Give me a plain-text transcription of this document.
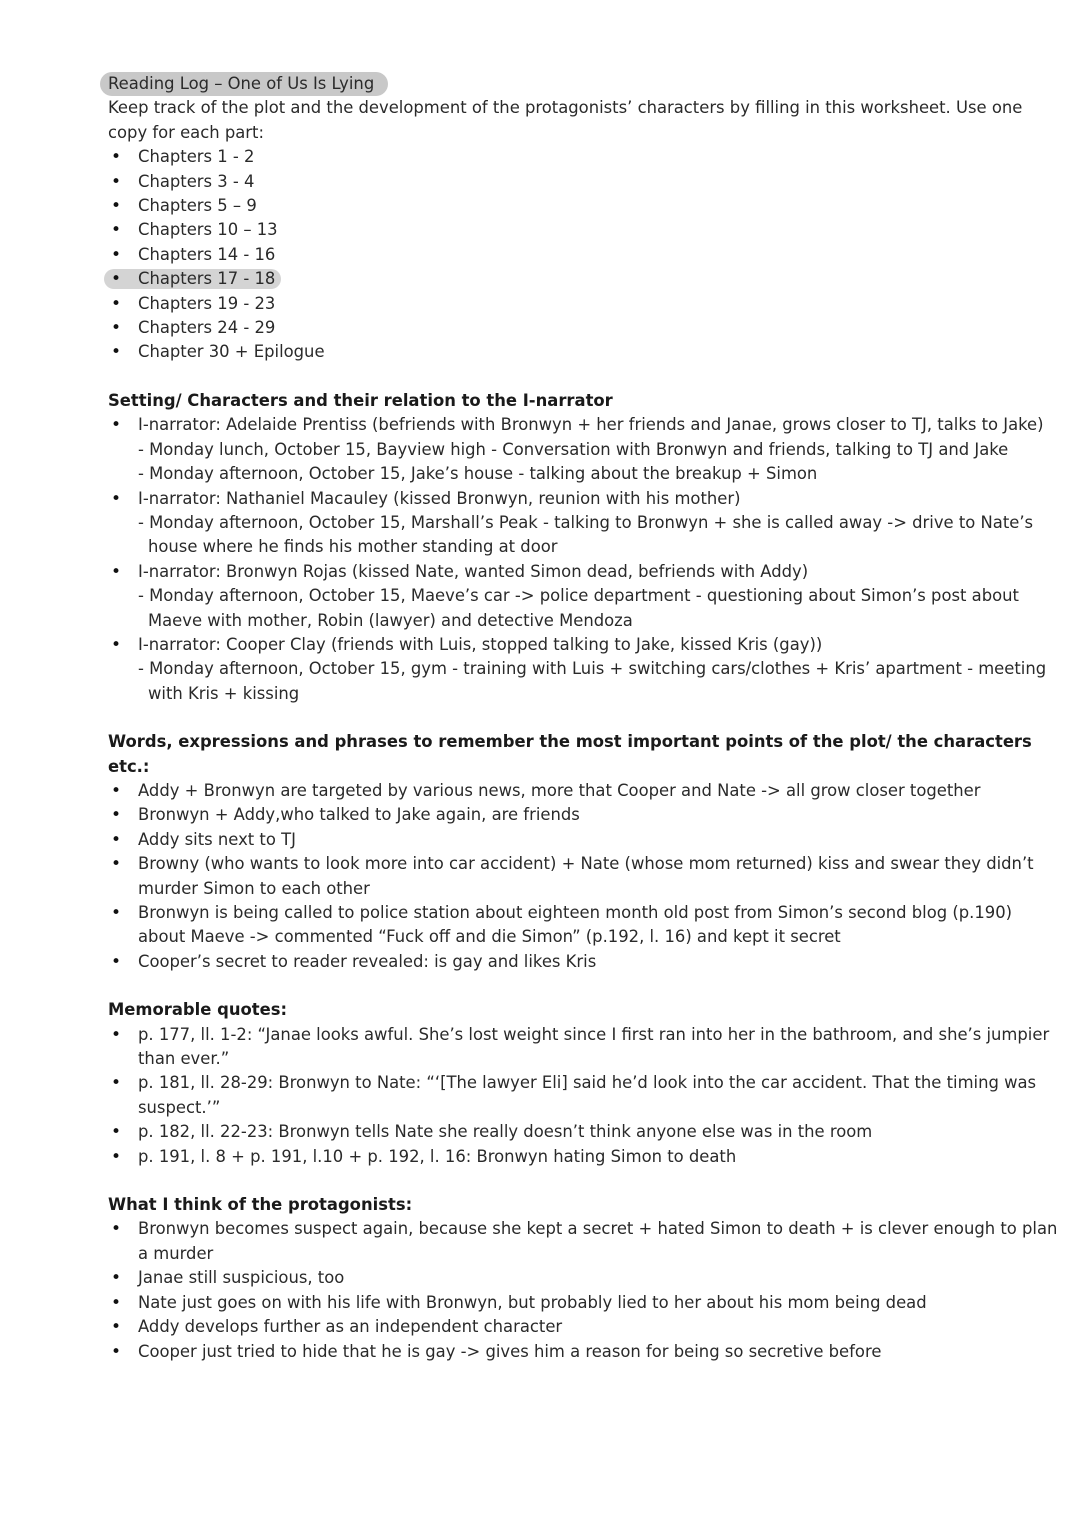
Reading Log – One of Us Is Lying

Keep track of the plot and the development of the protagonists’ characters by filling in this worksheet. Use one copy for each part:

• Chapters 1 - 2
• Chapters 3 - 4
• Chapters 5 – 9
• Chapters 10 – 13
• Chapters 14 - 16
• Chapters 17 - 18
• Chapters 19 - 23
• Chapters 24 - 29
• Chapter 30 + Epilogue
Setting/ Characters and their relation to the I-narrator
• I-narrator: Adelaide Prentiss (befriends with Bronwyn + her friends and Janae, grows closer to TJ, talks to Jake)
- Monday lunch, October 15, Bayview high - Conversation with Bronwyn and friends, talking to TJ and Jake
- Monday afternoon, October 15, Jake’s house - talking about the breakup + Simon
• I-narrator: Nathaniel Macauley (kissed Bronwyn, reunion with his mother)
- Monday afternoon, October 15, Marshall’s Peak - talking to Bronwyn + she is called away -> drive to Nate’s house where he finds his mother standing at door
• I-narrator: Bronwyn Rojas (kissed Nate, wanted Simon dead, befriends with Addy)
- Monday afternoon, October 15, Maeve’s car -> police department - questioning about Simon’s post about Maeve with mother, Robin (lawyer) and detective Mendoza
• I-narrator: Cooper Clay (friends with Luis, stopped talking to Jake, kissed Kris (gay))
- Monday afternoon, October 15, gym - training with Luis + switching cars/clothes + Kris’ apartment - meeting with Kris + kissing
Words, expressions and phrases to remember the most important points of the plot/ the characters etc.:
• Addy + Bronwyn are targeted by various news, more that Cooper and Nate -> all grow closer together
• Bronwyn + Addy,who talked to Jake again, are friends
• Addy sits next to TJ
• Browny (who wants to look more into car accident) + Nate (whose mom returned) kiss and swear they didn’t murder Simon to each other
• Bronwyn is being called to police station about eighteen month old post from Simon’s second blog (p.190) about Maeve -> commented “Fuck off and die Simon” (p.192, l. 16) and kept it secret
• Cooper’s secret to reader revealed: is gay and likes Kris
Memorable quotes:
• p. 177, ll. 1-2: “Janae looks awful. She’s lost weight since I first ran into her in the bathroom, and she’s jumpier than ever.”
• p. 181, ll. 28-29: Bronwyn to Nate: “‘[The lawyer Eli] said he’d look into the car accident. That the timing was suspect.’”
• p. 182, ll. 22-23: Bronwyn tells Nate she really doesn’t think anyone else was in the room
• p. 191, l. 8 + p. 191, l.10 + p. 192, l. 16: Bronwyn hating Simon to death
What I think of the protagonists:
• Bronwyn becomes suspect again, because she kept a secret + hated Simon to death + is clever enough to plan a murder
• Janae still suspicious, too
• Nate just goes on with his life with Bronwyn, but probably lied to her about his mom being dead
• Addy develops further as an independent character
• Cooper just tried to hide that he is gay -> gives him a reason for being so secretive before
